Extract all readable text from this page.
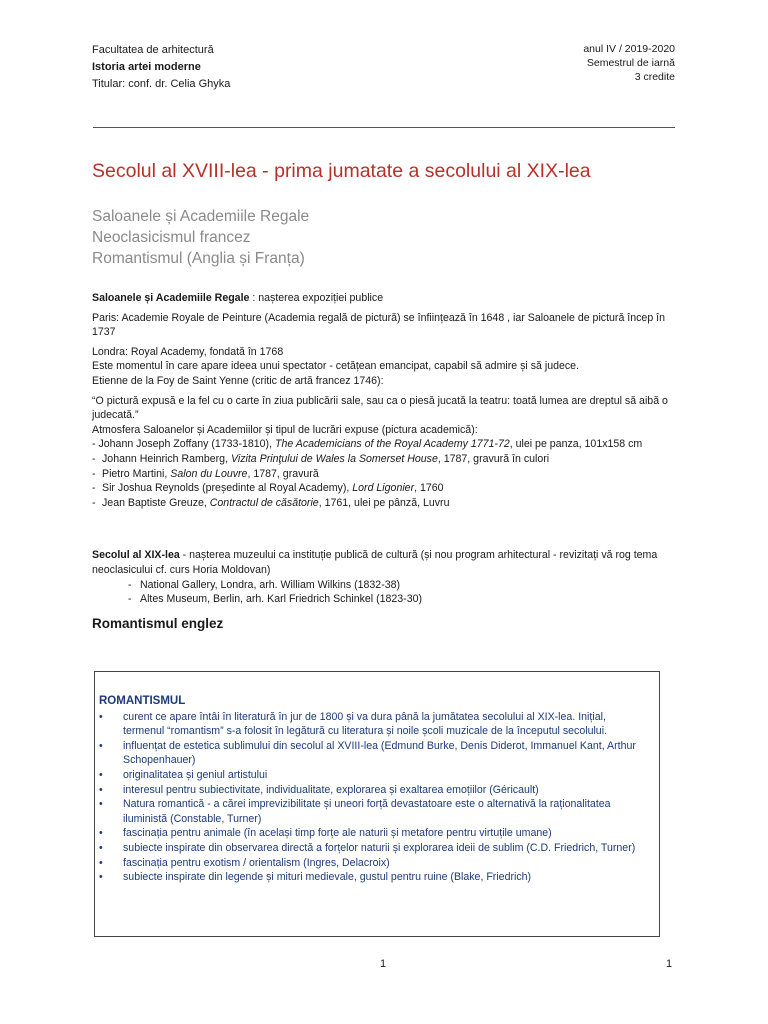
Facultatea de arhitectură
Istoria artei moderne
Titular: conf. dr. Celia Ghyka
anul IV / 2019-2020
Semestrul de iarnă
3 credite
Secolul al XVIII-lea - prima jumatate a secolului al XIX-lea
Saloanele și Academiile Regale
Neoclasicismul francez
Romantismul (Anglia și Franța)

Saloanele și Academiile Regale : nașterea expoziției publice

Paris: Academie Royale de Peinture (Academia regală de pictură) se înființează în 1648 , iar Saloanele de pictură încep în 1737

Londra: Royal Academy, fondată în 1768

Este momentul în care apare ideea unui spectator - cetățean emancipat, capabil să admire și să judece.

Etienne de la Foy de Saint Yenne (critic de artă francez 1746):

“O pictură expusă e la fel cu o carte în ziua publicării sale, sau ca o piesă jucată la teatru: toată lumea are dreptul să aibă o judecată.”

Atmosfera Saloanelor și Academiilor și tipul de lucrări expuse (pictura academică):

- Johann Joseph Zoffany (1733-1810), The Academicians of the Royal Academy 1771-72, ulei pe panza, 101x158 cm

- Johann Heinrich Ramberg, Vizita Prinţului de Wales la Somerset House, 1787, gravură în culori
- Pietro Martini, Salon du Louvre, 1787, gravură
- Sir Joshua Reynolds (președinte al Royal Academy), Lord Ligonier, 1760
- Jean Baptiste Greuze, Contractul de căsătorie, 1761, ulei pe pânză, Luvru

Secolul al XIX-lea - nașterea muzeului ca instituție publică de cultură (și nou program arhitectural - revizitați vă rog tema neoclasicului cf. curs Horia Moldovan)

- National Gallery, Londra, arh. William Wilkins (1832-38)
- Altes Museum, Berlin, arh. Karl Friedrich Schinkel (1823-30)
Romantismul englez
ROMANTISMUL
•	curent ce apare întâi în literatură în jur de 1800 și va dura până la jumătatea secolului al XIX-lea. Inițial, termenul “romantism” s-a folosit în legătură cu literatura și noile școli muzicale de la începutul secolului.
•	influențat de estetica sublimului din secolul al XVIII-lea (Edmund Burke, Denis Diderot, Immanuel Kant, Arthur Schopenhauer)
•	originalitatea și geniul artistului
•	interesul pentru subiectivitate, individualitate, explorarea și exaltarea emoțiilor (Géricault)
•	Natura romantică - a cărei imprevizibilitate și uneori forță devastatoare este o alternativă la raționalitatea iluministă (Constable, Turner)
•	fascinația pentru animale (în același timp forțe ale naturii și metafore pentru virtuțile umane)
•	subiecte inspirate din observarea directă a forțelor naturii și explorarea ideii de sublim (C.D. Friedrich, Turner)
•	fascinația pentru exotism / orientalism (Ingres, Delacroix)
•	subiecte inspirate din legende și mituri medievale, gustul pentru ruine (Blake, Friedrich)
1	1
